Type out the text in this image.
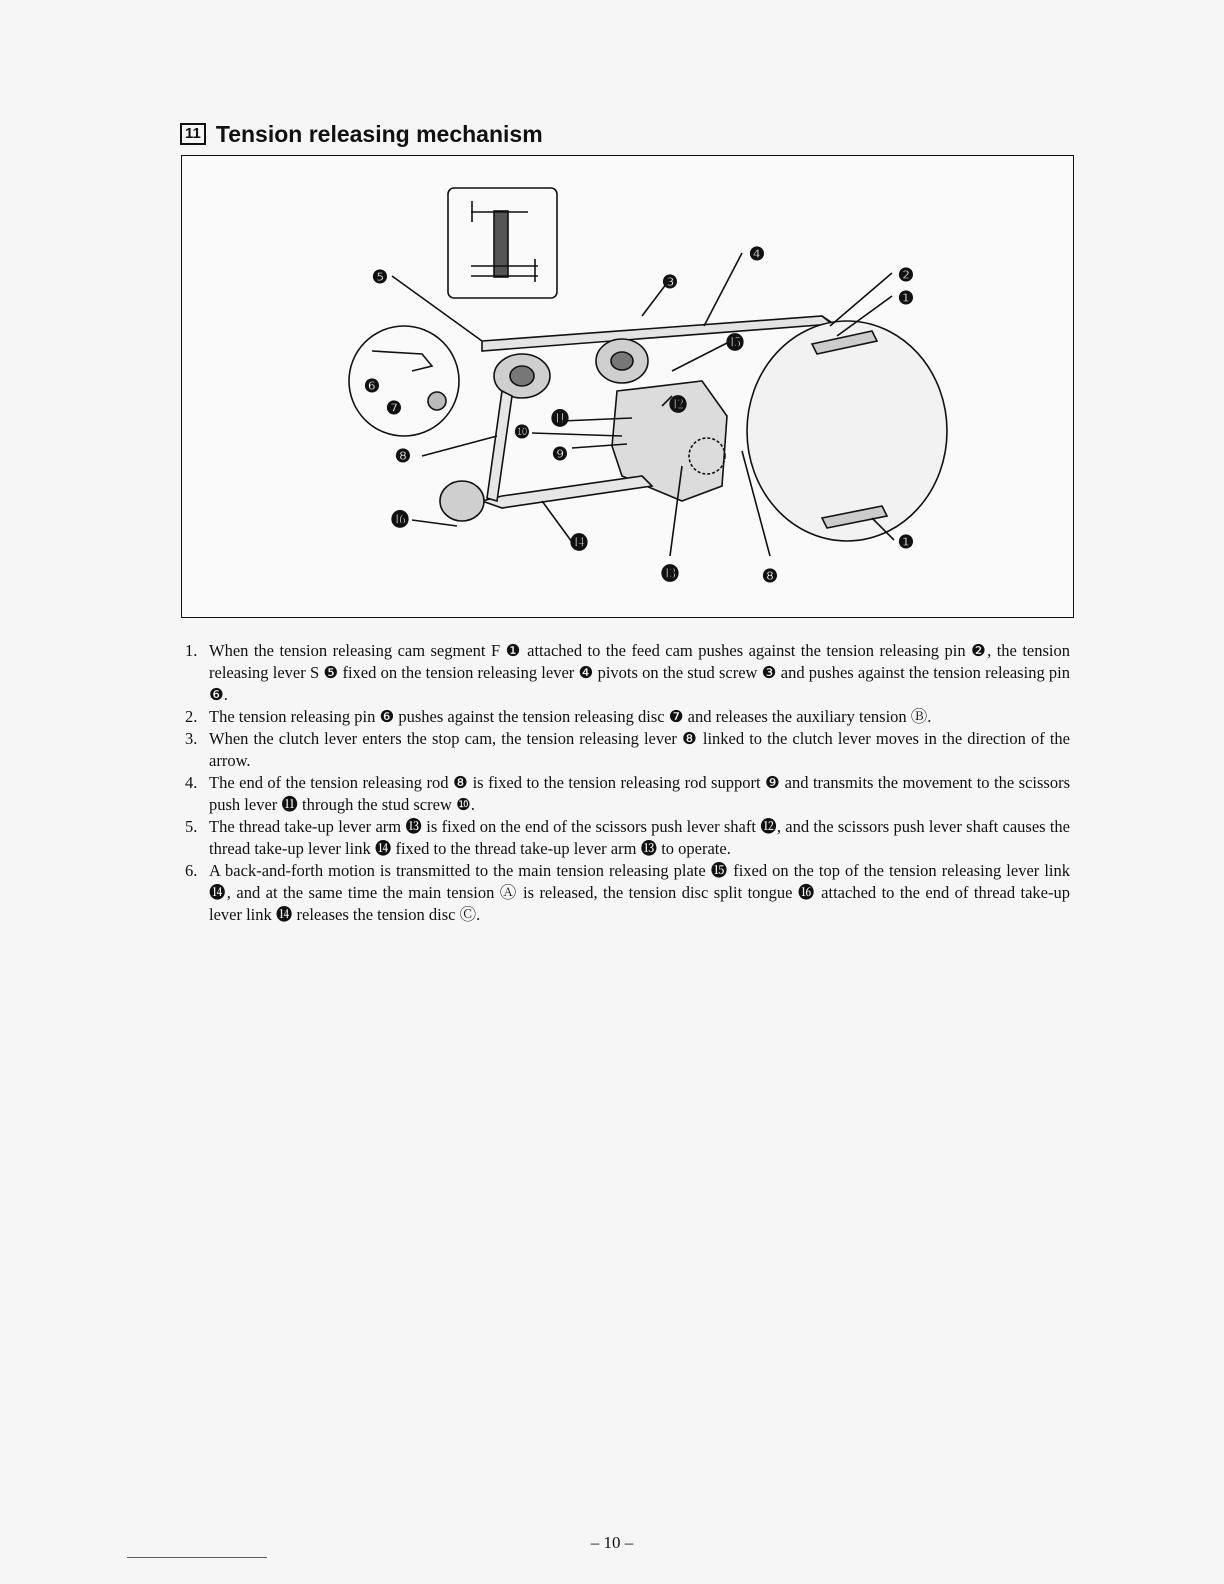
11 Tension releasing mechanism
❶
❶
❷
❸
❹
❺
❻
❼
❽
❽
❾
❿
⓫
⓬
⓭
⓮
⓯
⓰
1. When the tension releasing cam segment F ❶ attached to the feed cam pushes against the tension releasing pin ❷, the tension releasing lever S ❺ fixed on the tension releasing lever ❹ pivots on the stud screw ❸ and pushes against the tension releasing pin ❻.
2. The tension releasing pin ❻ pushes against the tension releasing disc ❼ and releases the auxiliary tension Ⓑ.
3. When the clutch lever enters the stop cam, the tension releasing lever ❽ linked to the clutch lever moves in the direction of the arrow.
4. The end of the tension releasing rod ❽ is fixed to the tension releasing rod support ❾ and transmits the movement to the scissors push lever ⓫ through the stud screw ❿.
5. The thread take-up lever arm ⓭ is fixed on the end of the scissors push lever shaft ⓬, and the scissors push lever shaft causes the thread take-up lever link ⓮ fixed to the thread take-up lever arm ⓭ to operate.
6. A back-and-forth motion is transmitted to the main tension releasing plate ⓯ fixed on the top of the tension releasing lever link ⓮, and at the same time the main tension Ⓐ is released, the tension disc split tongue ⓰ attached to the end of thread take-up lever link ⓮ releases the tension disc Ⓒ.
– 10 –
